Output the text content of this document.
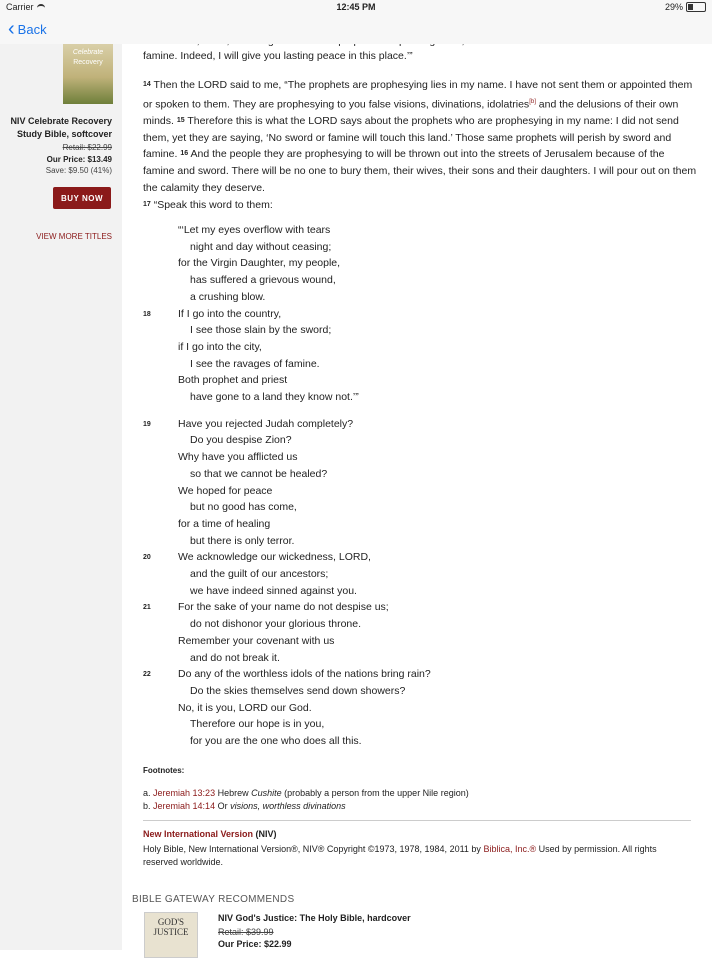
Carrier	12:45 PM	29%
‹ Back
Celebrate
Recovery
NIV Celebrate Recovery Study Bible, softcover
Retail: $22.99
Our Price: $13.49
Save: $9.50 (41%)
BUY NOW
VIEW MORE TITLES

famine. Indeed, I will give you lasting peace in this place.’”

$^{14}$ Then the LORD said to me, “The prophets are prophesying lies in my name. I have not sent them or appointed them or spoken to them. They are prophesying to you false visions, divinations, idolatries[b] and the delusions of their own minds. $^{15}$ Therefore this is what the LORD says about the prophets who are prophesying in my name: I did not send them, yet they are saying, ‘No sword or famine will touch this land.’ Those same prophets will perish by sword and famine. $^{16}$ And the people they are prophesying to will be thrown out into the streets of Jerusalem because of the famine and sword. There will be no one to bury them, their wives, their sons and their daughters. I will pour out on them the calamity they deserve.

$^{17}$ “Speak this word to them:

“‘Let my eyes overflow with tears
night and day without ceasing;
for the Virgin Daughter, my people,
has suffered a grievous wound,
a crushing blow.
18	If I go into the country,
I see those slain by the sword;
if I go into the city,
I see the ravages of famine.
Both prophet and priest
have gone to a land they know not.’”
19	Have you rejected Judah completely?
Do you despise Zion?
Why have you afflicted us
so that we cannot be healed?
We hoped for peace
but no good has come,
for a time of healing
but there is only terror.
20	We acknowledge our wickedness, LORD,
and the guilt of our ancestors;
we have indeed sinned against you.
21	For the sake of your name do not despise us;
do not dishonor your glorious throne.
Remember your covenant with us
and do not break it.
22	Do any of the worthless idols of the nations bring rain?
Do the skies themselves send down showers?
No, it is you, LORD our God.
Therefore our hope is in you,
for you are the one who does all this.
Footnotes:
a. Jeremiah 13:23 Hebrew Cushite (probably a person from the upper Nile region)
b. Jeremiah 14:14 Or visions, worthless divinations
New International Version (NIV)
Holy Bible, New International Version®, NIV® Copyright ©1973, 1978, 1984, 2011 by Biblica, Inc.® Used by permission. All rights reserved worldwide.
BIBLE GATEWAY RECOMMENDS
GOD'S JUSTICE
NIV God's Justice: The Holy Bible, hardcover
Retail: $39.99
Our Price: $22.99
